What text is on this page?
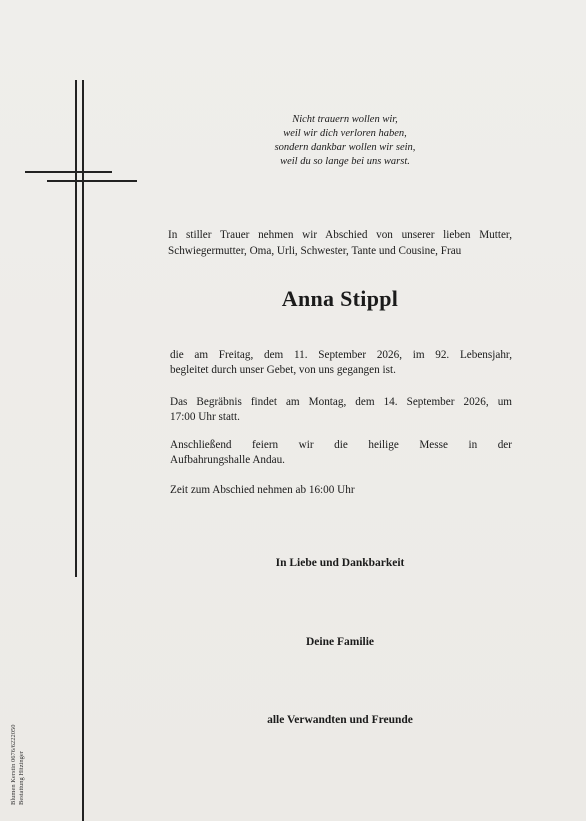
Nicht trauern wollen wir,
weil wir dich verloren haben,
sondern dankbar wollen wir sein,
weil du so lange bei uns warst.
In stiller Trauer nehmen wir Abschied von unserer lieben Mutter,
Schwiegermutter, Oma, Urli, Schwester, Tante und Cousine, Frau
Anna Stippl
die am Freitag, dem 11. September 2026, im 92. Lebensjahr,
begleitet durch unser Gebet, von uns gegangen ist.
Das Begräbnis findet am Montag, dem 14. September 2026, um
17:00 Uhr statt.
Anschließend feiern wir die heilige Messe in der
Aufbahrungshalle Andau.
Zeit zum Abschied nehmen ab 16:00 Uhr
In Liebe und Dankbarkeit
Deine Familie
alle Verwandten und Freunde
Blumen Kerstin 0676/6222050 Bestattung Hitzinger
